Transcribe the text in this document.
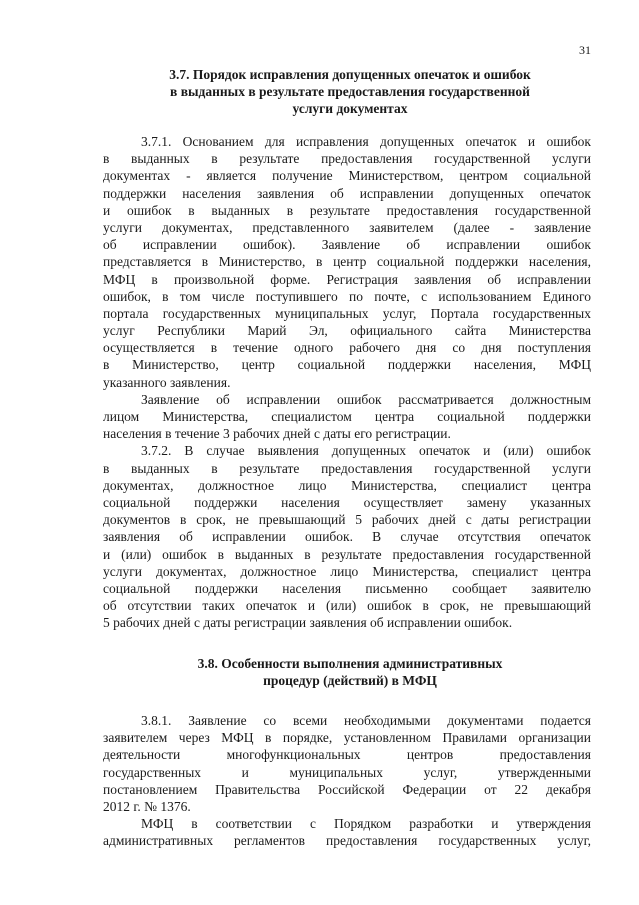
31
3.7. Порядок исправления допущенных опечаток и ошибок
в выданных в результате предоставления государственной
услуги документах
3.7.1. Основанием для исправления допущенных опечаток и ошибок
в выданных в результате предоставления государственной услуги
документах - является получение Министерством, центром социальной
поддержки населения заявления об исправлении допущенных опечаток
и ошибок в выданных в результате предоставления государственной
услуги документах, представленного заявителем (далее - заявление
об исправлении ошибок). Заявление об исправлении ошибок
представляется в Министерство, в центр социальной поддержки населения,
МФЦ в произвольной форме. Регистрация заявления об исправлении
ошибок, в том числе поступившего по почте, с использованием Единого
портала государственных муниципальных услуг, Портала государственных
услуг Республики Марий Эл, официального сайта Министерства
осуществляется в течение одного рабочего дня со дня поступления
в Министерство, центр социальной поддержки населения, МФЦ
указанного заявления.
Заявление об исправлении ошибок рассматривается должностным
лицом Министерства, специалистом центра социальной поддержки
населения в течение 3 рабочих дней с даты его регистрации.
3.7.2. В случае выявления допущенных опечаток и (или) ошибок
в выданных в результате предоставления государственной услуги
документах, должностное лицо Министерства, специалист центра
социальной поддержки населения осуществляет замену указанных
документов в срок, не превышающий 5 рабочих дней с даты регистрации
заявления об исправлении ошибок. В случае отсутствия опечаток
и (или) ошибок в выданных в результате предоставления государственной
услуги документах, должностное лицо Министерства, специалист центра
социальной поддержки населения письменно сообщает заявителю
об отсутствии таких опечаток и (или) ошибок в срок, не превышающий
5 рабочих дней с даты регистрации заявления об исправлении ошибок.
3.8. Особенности выполнения административных
процедур (действий) в МФЦ
3.8.1. Заявление со всеми необходимыми документами подается
заявителем через МФЦ в порядке, установленном Правилами организации
деятельности многофункциональных центров предоставления
государственных и муниципальных услуг, утвержденными
постановлением Правительства Российской Федерации от 22 декабря
2012 г. № 1376.
МФЦ в соответствии с Порядком разработки и утверждения
административных регламентов предоставления государственных услуг,
